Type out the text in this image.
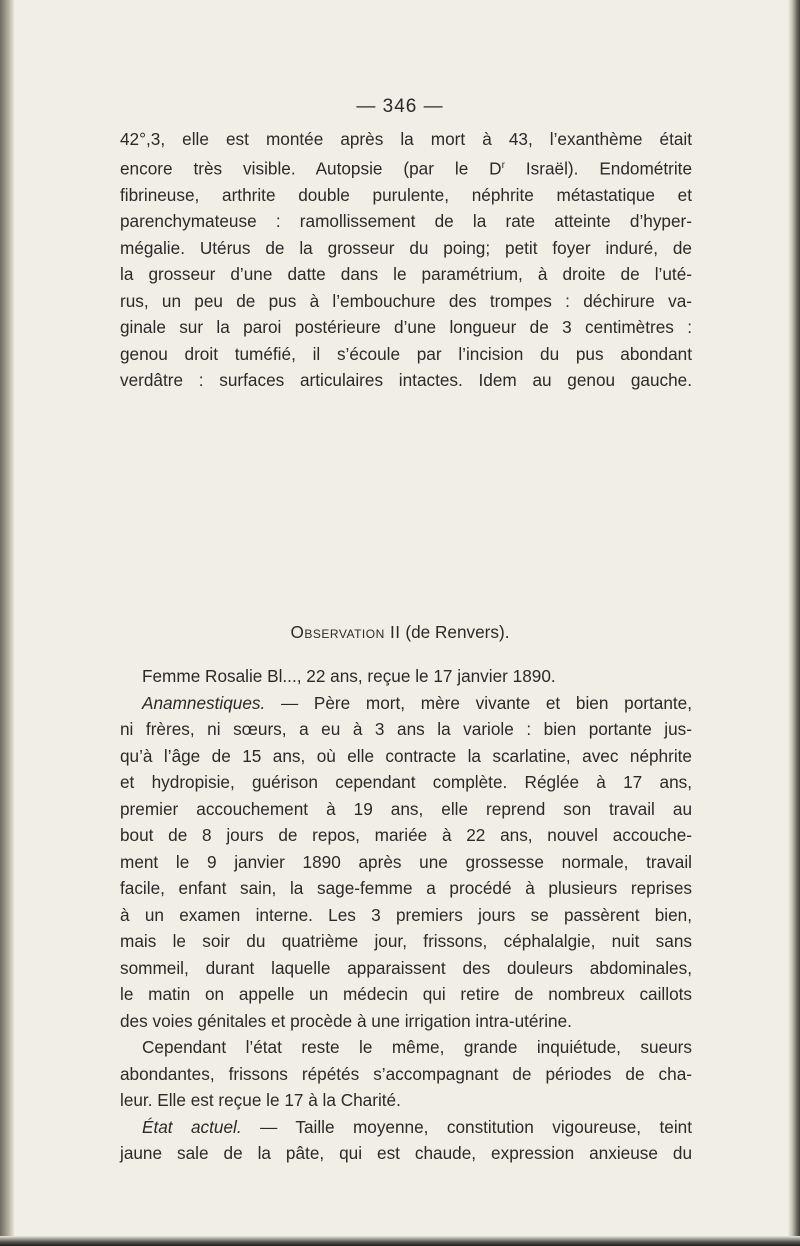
— 346 —
42°,3, elle est montée après la mort à 43, l’exanthème était
encore très visible. Autopsie (par le $D^r$ Israël). Endométrite
fibrineuse, arthrite double purulente, néphrite métastatique et
parenchymateuse : ramollissement de la rate atteinte d’hyper-
mégalie. Utérus de la grosseur du poing; petit foyer induré, de
la grosseur d’une datte dans le paramétrium, à droite de l’uté-
rus, un peu de pus à l’embouchure des trompes : déchirure va-
ginale sur la paroi postérieure d’une longueur de 3 centimètres :
genou droit tuméfié, il s’écoule par l’incision du pus abondant
verdâtre : surfaces articulaires intactes. Idem au genou gauche.
Observation II (de Renvers).
Femme Rosalie Bl..., 22 ans, reçue le 17 janvier 1890.
Anamnestiques. — Père mort, mère vivante et bien portante,
ni frères, ni sœurs, a eu à 3 ans la variole : bien portante jus-
qu’à l’âge de 15 ans, où elle contracte la scarlatine, avec néphrite
et hydropisie, guérison cependant complète. Réglée à 17 ans,
premier accouchement à 19 ans, elle reprend son travail au
bout de 8 jours de repos, mariée à 22 ans, nouvel accouche-
ment le 9 janvier 1890 après une grossesse normale, travail
facile, enfant sain, la sage-femme a procédé à plusieurs reprises
à un examen interne. Les 3 premiers jours se passèrent bien,
mais le soir du quatrième jour, frissons, céphalalgie, nuit sans
sommeil, durant laquelle apparaissent des douleurs abdominales,
le matin on appelle un médecin qui retire de nombreux caillots
des voies génitales et procède à une irrigation intra-utérine.
Cependant l’état reste le même, grande inquiétude, sueurs
abondantes, frissons répétés s’accompagnant de périodes de cha-
leur. Elle est reçue le 17 à la Charité.
État actuel. — Taille moyenne, constitution vigoureuse, teint
jaune sale de la pâte, qui est chaude, expression anxieuse du
